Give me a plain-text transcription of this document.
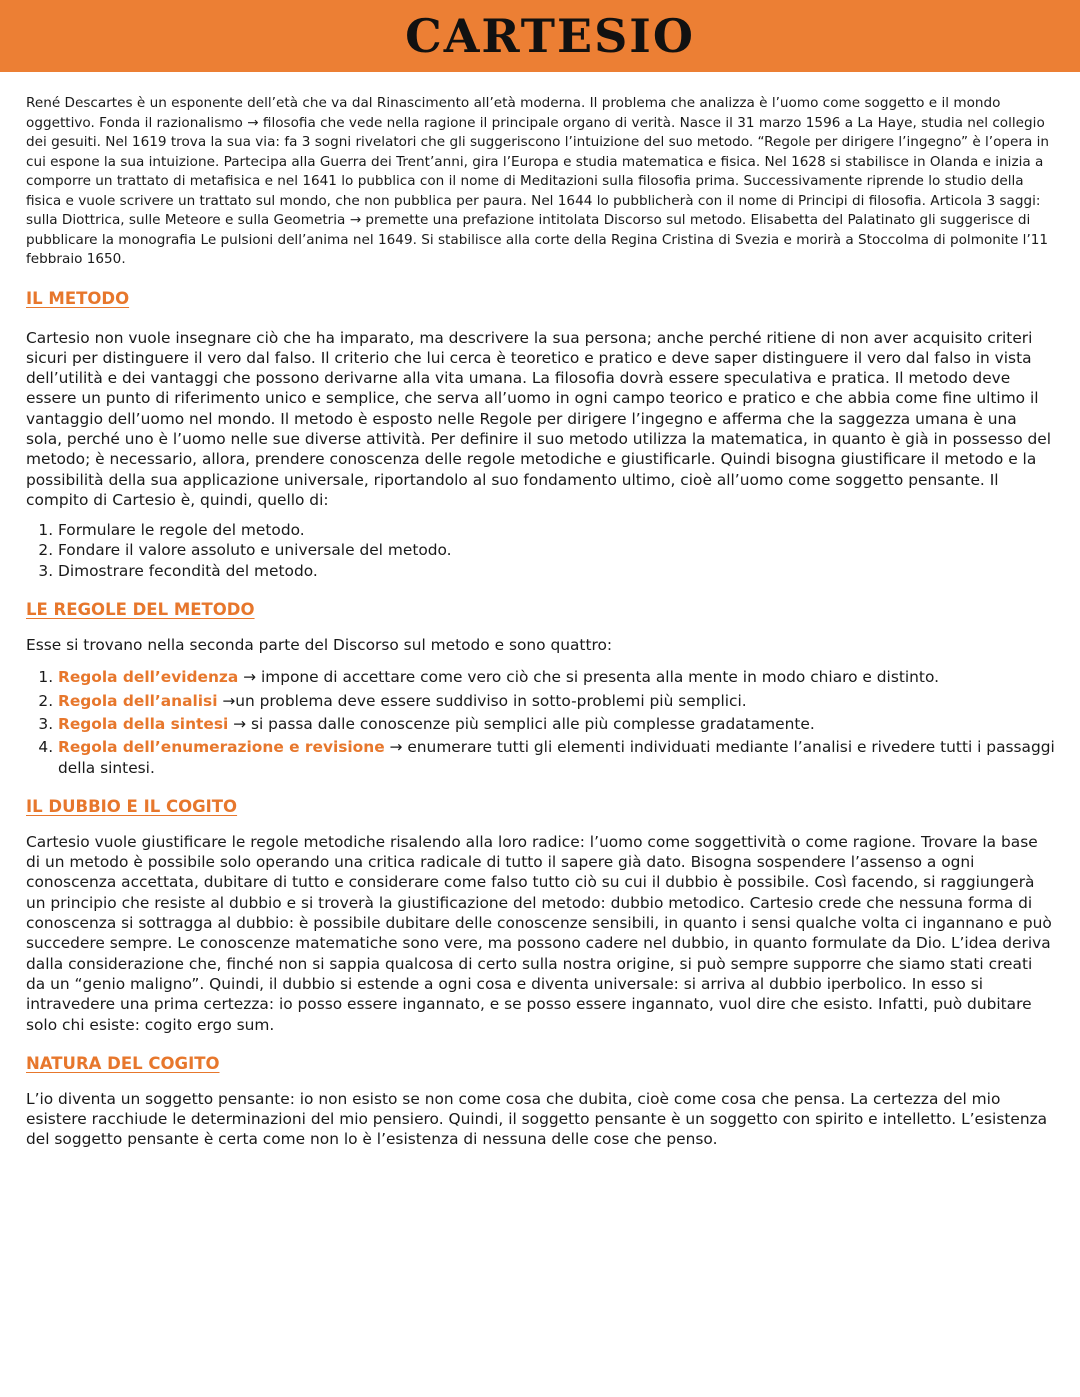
CARTESIO

René Descartes è un esponente dell’età che va dal Rinascimento all’età moderna. Il problema che analizza è l’uomo come soggetto e il mondo oggettivo. Fonda il razionalismo → filosofia che vede nella ragione il principale organo di verità. Nasce il 31 marzo 1596 a La Haye, studia nel collegio dei gesuiti. Nel 1619 trova la sua via: fa 3 sogni rivelatori che gli suggeriscono l’intuizione del suo metodo. “Regole per dirigere l’ingegno” è l’opera in cui espone la sua intuizione. Partecipa alla Guerra dei Trent’anni, gira l’Europa e studia matematica e fisica. Nel 1628 si stabilisce in Olanda e inizia a comporre un trattato di metafisica e nel 1641 lo pubblica con il nome di Meditazioni sulla filosofia prima. Successivamente riprende lo studio della fisica e vuole scrivere un trattato sul mondo, che non pubblica per paura. Nel 1644 lo pubblicherà con il nome di Principi di filosofia. Articola 3 saggi: sulla Diottrica, sulle Meteore e sulla Geometria → premette una prefazione intitolata Discorso sul metodo. Elisabetta del Palatinato gli suggerisce di pubblicare la monografia Le pulsioni dell’anima nel 1649. Si stabilisce alla corte della Regina Cristina di Svezia e morirà a Stoccolma di polmonite l’11 febbraio 1650.

IL METODO

Cartesio non vuole insegnare ciò che ha imparato, ma descrivere la sua persona; anche perché ritiene di non aver acquisito criteri sicuri per distinguere il vero dal falso. Il criterio che lui cerca è teoretico e pratico e deve saper distinguere il vero dal falso in vista dell’utilità e dei vantaggi che possono derivarne alla vita umana. La filosofia dovrà essere speculativa e pratica. Il metodo deve essere un punto di riferimento unico e semplice, che serva all’uomo in ogni campo teorico e pratico e che abbia come fine ultimo il vantaggio dell’uomo nel mondo. Il metodo è esposto nelle Regole per dirigere l’ingegno e afferma che la saggezza umana è una sola, perché uno è l’uomo nelle sue diverse attività. Per definire il suo metodo utilizza la matematica, in quanto è già in possesso del metodo; è necessario, allora, prendere conoscenza delle regole metodiche e giustificarle. Quindi bisogna giustificare il metodo e la possibilità della sua applicazione universale, riportandolo al suo fondamento ultimo, cioè all’uomo come soggetto pensante. Il compito di Cartesio è, quindi, quello di:

1. Formulare le regole del metodo.
2. Fondare il valore assoluto e universale del metodo.
3. Dimostrare fecondità del metodo.
LE REGOLE DEL METODO

Esse si trovano nella seconda parte del Discorso sul metodo e sono quattro:

1. Regola dell’evidenza → impone di accettare come vero ciò che si presenta alla mente in modo chiaro e distinto.
2. Regola dell’analisi →un problema deve essere suddiviso in sotto-problemi più semplici.
3. Regola della sintesi → si passa dalle conoscenze più semplici alle più complesse gradatamente.
4. Regola dell’enumerazione e revisione → enumerare tutti gli elementi individuati mediante l’analisi e rivedere tutti i passaggi della sintesi.
IL DUBBIO E IL COGITO

Cartesio vuole giustificare le regole metodiche risalendo alla loro radice: l’uomo come soggettività o come ragione. Trovare la base di un metodo è possibile solo operando una critica radicale di tutto il sapere già dato. Bisogna sospendere l’assenso a ogni conoscenza accettata, dubitare di tutto e considerare come falso tutto ciò su cui il dubbio è possibile. Così facendo, si raggiungerà un principio che resiste al dubbio e si troverà la giustificazione del metodo: dubbio metodico. Cartesio crede che nessuna forma di conoscenza si sottragga al dubbio: è possibile dubitare delle conoscenze sensibili, in quanto i sensi qualche volta ci ingannano e può succedere sempre. Le conoscenze matematiche sono vere, ma possono cadere nel dubbio, in quanto formulate da Dio. L’idea deriva dalla considerazione che, finché non si sappia qualcosa di certo sulla nostra origine, si può sempre supporre che siamo stati creati da un “genio maligno”. Quindi, il dubbio si estende a ogni cosa e diventa universale: si arriva al dubbio iperbolico. In esso si intravedere una prima certezza: io posso essere ingannato, e se posso essere ingannato, vuol dire che esisto. Infatti, può dubitare solo chi esiste: cogito ergo sum.

NATURA DEL COGITO

L’io diventa un soggetto pensante: io non esisto se non come cosa che dubita, cioè come cosa che pensa. La certezza del mio esistere racchiude le determinazioni del mio pensiero. Quindi, il soggetto pensante è un soggetto con spirito e intelletto. L’esistenza del soggetto pensante è certa come non lo è l’esistenza di nessuna delle cose che penso.
